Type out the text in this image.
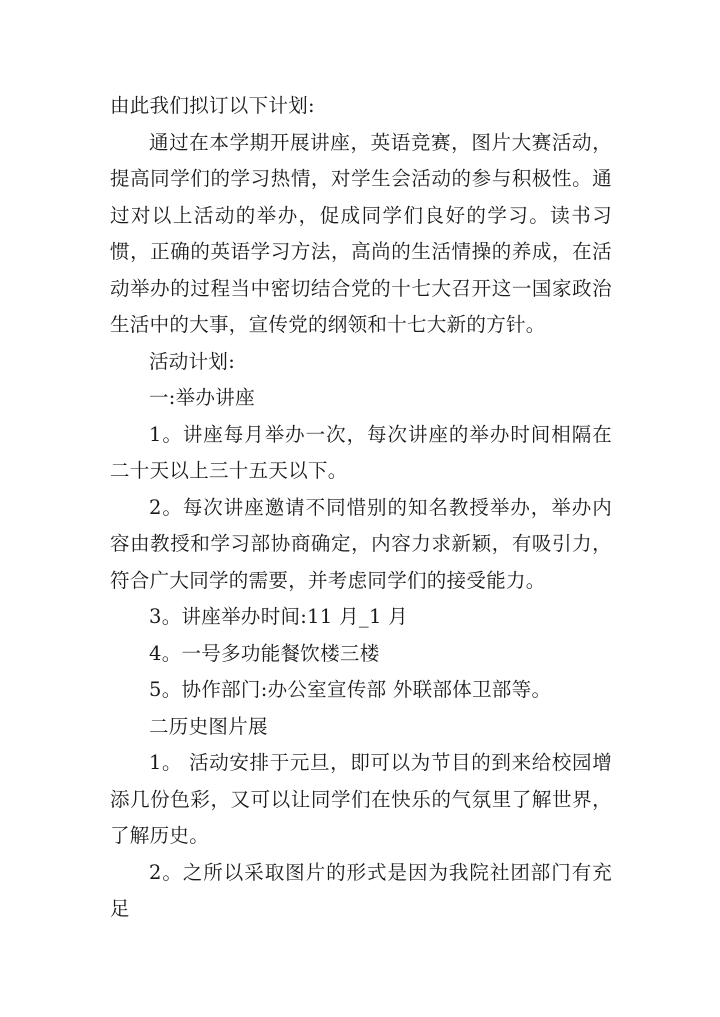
由此我们拟订以下计划:

通过在本学期开展讲座，英语竞赛，图片大赛活动，提高同学们的学习热情，对学生会活动的参与积极性。通过对以上活动的举办，促成同学们良好的学习。读书习惯，正确的英语学习方法，高尚的生活情操的养成，在活动举办的过程当中密切结合党的十七大召开这一国家政治生活中的大事，宣传党的纲领和十七大新的方针。

活动计划:

一:举办讲座

1。讲座每月举办一次，每次讲座的举办时间相隔在二十天以上三十五天以下。

2。每次讲座邀请不同惜别的知名教授举办，举办内容由教授和学习部协商确定，内容力求新颖，有吸引力，符合广大同学的需要，并考虑同学们的接受能力。

3。讲座举办时间:11 月_1 月

4。一号多功能餐饮楼三楼

5。协作部门:办公室宣传部 外联部体卫部等。

二历史图片展

1。 活动安排于元旦，即可以为节目的到来给校园增添几份色彩，又可以让同学们在快乐的气氛里了解世界，了解历史。

2。之所以采取图片的形式是因为我院社团部门有充足
